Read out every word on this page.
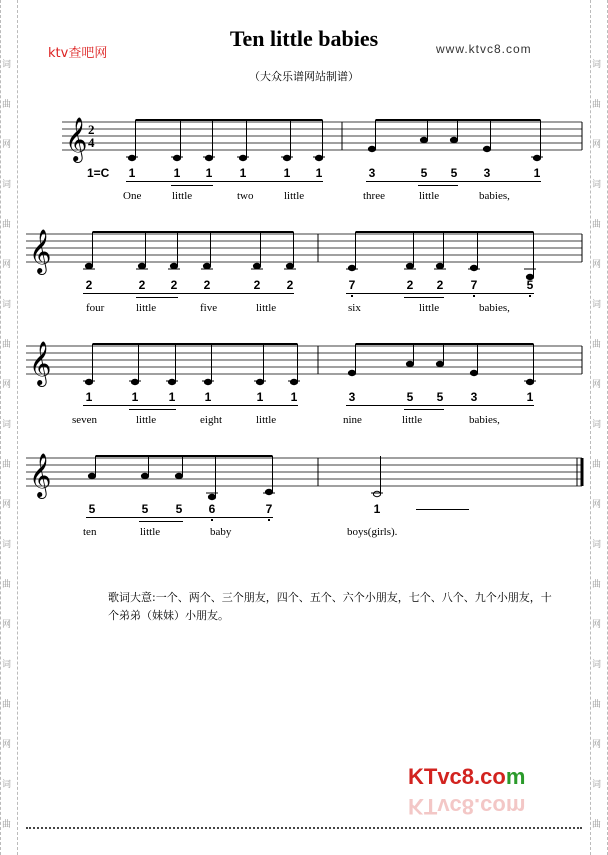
词
曲
网
词
曲
网
词
曲
网
词
曲
网
词
曲
网
词
曲
网
词
曲
词
曲
网
词
曲
网
词
曲
网
词
曲
网
词
曲
网
词
曲
网
词
曲
ktv查吧网
Ten little babies	www.ktvc8.com
（大众乐谱网站制谱）
𝄞 2
4
𝄞
𝄞
𝄞
1=C	1	1	1	1	1	1
One	little	two	little
3	5	5	3	1
three	little	babies,
2	2	2	2	2	2
four	little	five	little
7	2	2	7	5
six	little	babies,
1	1	1	1	1	1
seven	little	eight	little
3	5	5	3	1
nine	little	babies,
5	5	5	6	7
ten	little	baby
1
boys(girls).
歌词大意:一个、两个、三个朋友，四个、五个、六个小朋友，七个、八个、九个小朋友，十个弟弟（妹妹）小朋友。
KTvc8.com
KTvc8.com
